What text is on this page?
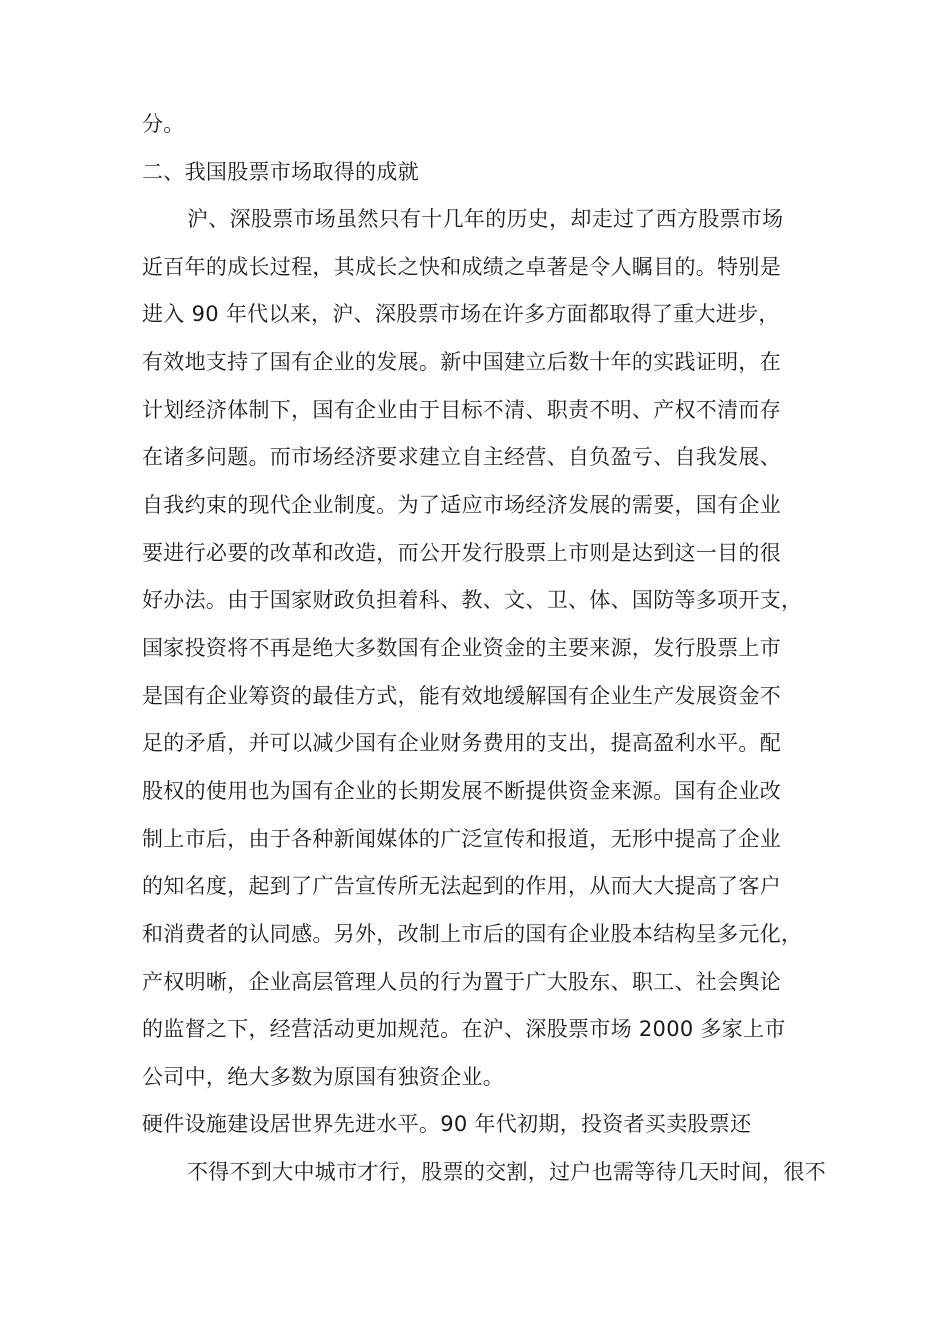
分。
二、我国股票市场取得的成就
沪、深股票市场虽然只有十几年的历史，却走过了西方股票市场
近百年的成长过程，其成长之快和成绩之卓著是令人瞩目的。特别是
进入 90 年代以来，沪、深股票市场在许多方面都取得了重大进步，
有效地支持了国有企业的发展。新中国建立后数十年的实践证明，在
计划经济体制下，国有企业由于目标不清、职责不明、产权不清而存
在诸多问题。而市场经济要求建立自主经营、自负盈亏、自我发展、
自我约束的现代企业制度。为了适应市场经济发展的需要，国有企业
要进行必要的改革和改造，而公开发行股票上市则是达到这一目的很
好办法。由于国家财政负担着科、教、文、卫、体、国防等多项开支，
国家投资将不再是绝大多数国有企业资金的主要来源，发行股票上市
是国有企业筹资的最佳方式，能有效地缓解国有企业生产发展资金不
足的矛盾，并可以减少国有企业财务费用的支出，提高盈利水平。配
股权的使用也为国有企业的长期发展不断提供资金来源。国有企业改
制上市后，由于各种新闻媒体的广泛宣传和报道，无形中提高了企业
的知名度，起到了广告宣传所无法起到的作用，从而大大提高了客户
和消费者的认同感。另外，改制上市后的国有企业股本结构呈多元化，
产权明晰，企业高层管理人员的行为置于广大股东、职工、社会舆论
的监督之下，经营活动更加规范。在沪、深股票市场 2000 多家上市
公司中，绝大多数为原国有独资企业。
硬件设施建设居世界先进水平。90 年代初期，投资者买卖股票还
不得不到大中城市才行，股票的交割，过户也需等待几天时间，很不
